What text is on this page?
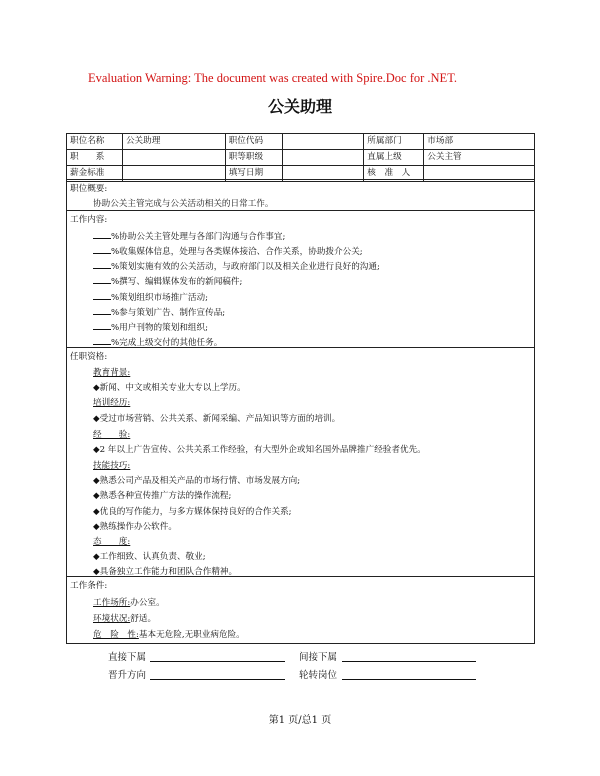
Evaluation Warning: The document was created with Spire.Doc for .NET.
公关助理
职位名称	公关助理	职位代码		所属部门	市场部
职　　系		职等职级		直属上级	公关主管
薪金标准		填写日期		核　准　人	
职位概要:
协助公关主管完成与公关活动相关的日常工作。
工作内容:
%协助公关主管处理与各部门沟通与合作事宜;
%收集媒体信息，处理与各类媒体接洽、合作关系，协助拨介公关;
%策划实施有效的公关活动，与政府部门以及相关企业进行良好的沟通;
%撰写、编辑媒体发布的新闻稿件;
%策划组织市场推广活动;
%参与策划广告、制作宣传品;
%用户刊物的策划和组织;
%完成上级交付的其他任务。
任职资格:
教育背景:
◆新闻、中文或相关专业大专以上学历。
培训经历:
◆受过市场营销、公共关系、新闻采编、产品知识等方面的培训。
经　　验:
◆2 年以上广告宣传、公共关系工作经验，有大型外企或知名国外品牌推广经验者优先。
技能技巧:
◆熟悉公司产品及相关产品的市场行情、市场发展方向;
◆熟悉各种宣传推广方法的操作流程;
◆优良的写作能力，与多方媒体保持良好的合作关系;
◆熟练操作办公软件。
态　　度:
◆工作细致、认真负责、敬业;
◆具备独立工作能力和团队合作精神。
工作条件:
工作场所:办公室。
环境状况:舒适。
危　险　性:基本无危险,无职业病危险。
直接下属	间接下属
晋升方向	轮转岗位
第1 页/总1 页
